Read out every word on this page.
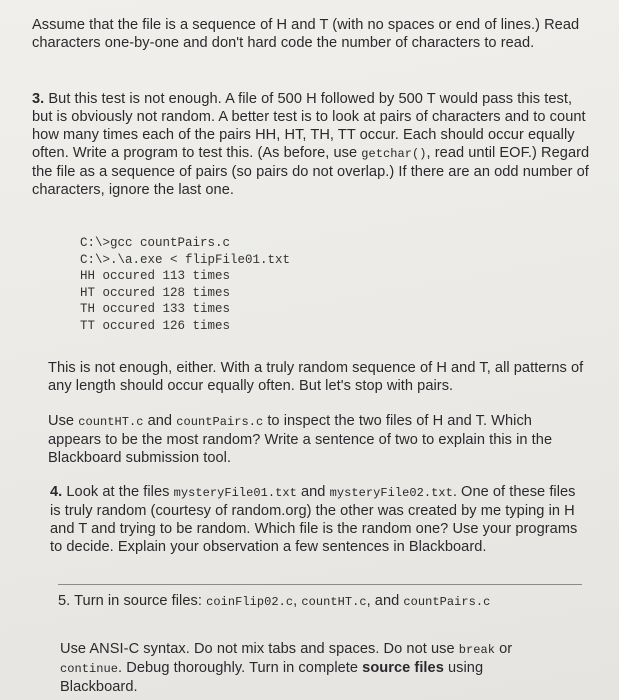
Assume that the file is a sequence of H and T (with no spaces or end of lines.) Read characters one-by-one and don't hard code the number of characters to read.

3. But this test is not enough. A file of 500 H followed by 500 T would pass this test, but is obviously not random. A better test is to look at pairs of characters and to count how many times each of the pairs HH, HT, TH, TT occur. Each should occur equally often. Write a program to test this. (As before, use getchar(), read until EOF.) Regard the file as a sequence of pairs (so pairs do not overlap.) If there are an odd number of characters, ignore the last one.

C:\>gcc countPairs.c
C:\>.\a.exe < flipFile01.txt
HH occured 113 times
HT occured 128 times
TH occured 133 times
TT occured 126 times

This is not enough, either. With a truly random sequence of H and T, all patterns of any length should occur equally often. But let's stop with pairs.

Use countHT.c and countPairs.c to inspect the two files of H and T. Which appears to be the most random? Write a sentence of two to explain this in the Blackboard submission tool.

4. Look at the files mysteryFile01.txt and mysteryFile02.txt. One of these files is truly random (courtesy of random.org) the other was created by me typing in H and T and trying to be random. Which file is the random one? Use your programs to decide. Explain your observation a few sentences in Blackboard.

5. Turn in source files: coinFlip02.c, countHT.c, and countPairs.c

Use ANSI-C syntax. Do not mix tabs and spaces. Do not use break or continue. Debug thoroughly. Turn in complete source files using Blackboard.
